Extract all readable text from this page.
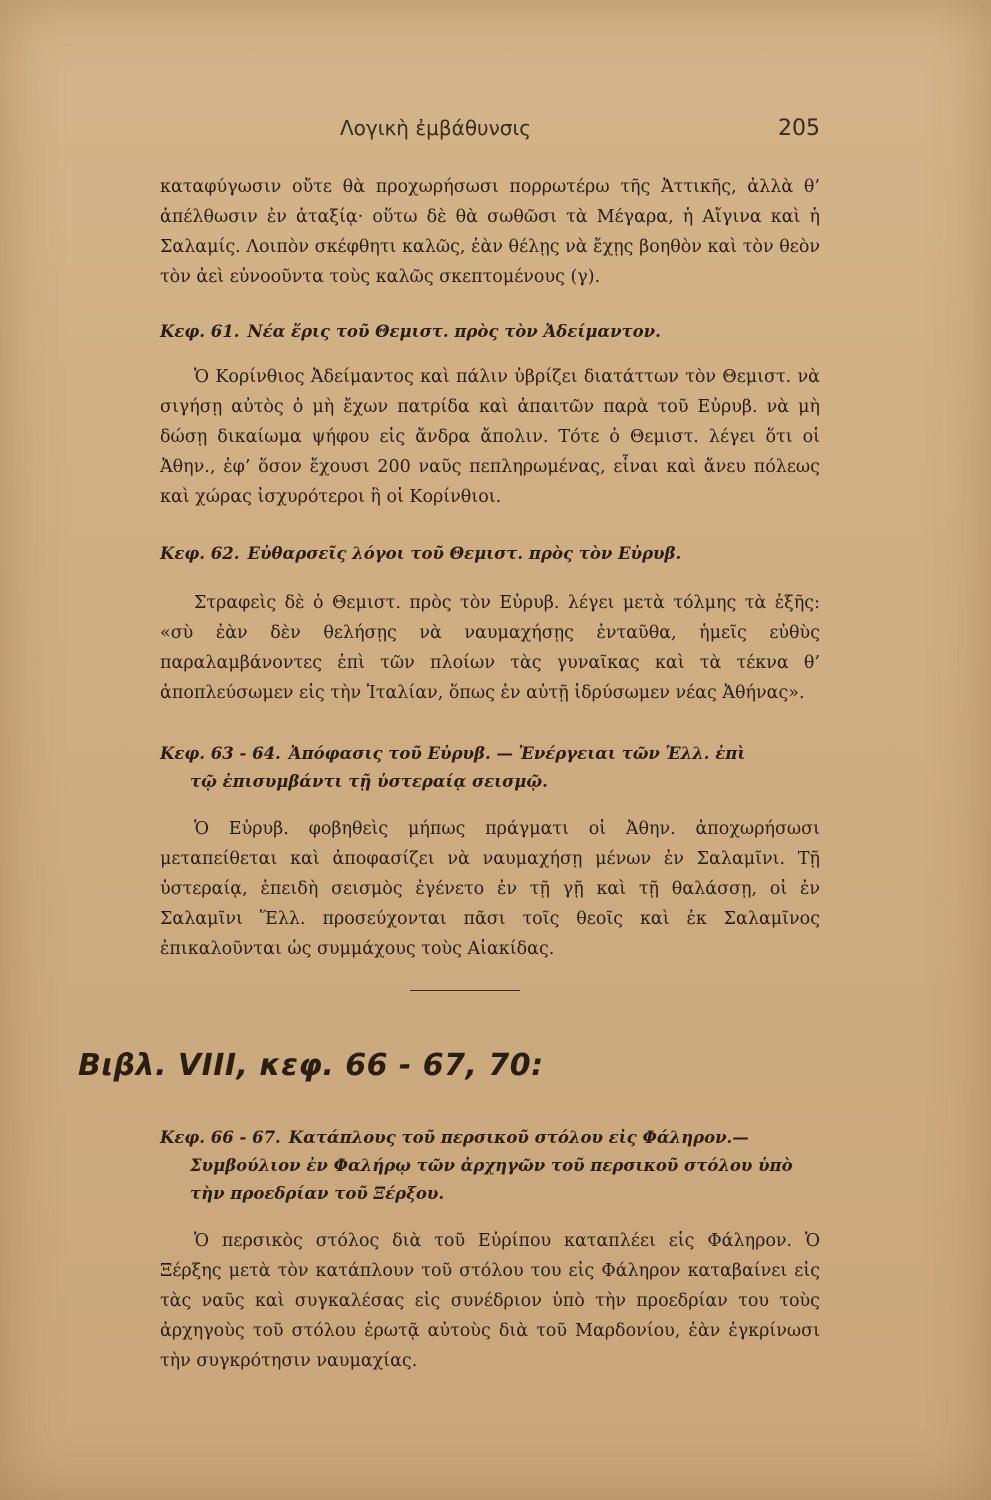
Λογικὴ ἐμβάθυνσις	205

καταφύγωσιν οὔτε θὰ προχωρήσωσι πορρωτέρω τῆς Ἀττικῆς, ἀλλὰ θ’ ἀπέλθωσιν ἐν ἀταξίᾳ· οὕτω δὲ θὰ σωθῶσι τὰ Μέγαρα, ἡ Αἴγινα καὶ ἡ Σαλαμίς. Λοιπὸν σκέφθητι καλῶς, ἐὰν θέλῃς νὰ ἔχῃς βοηθὸν καὶ τὸν θεὸν τὸν ἀεὶ εὐνοοῦντα τοὺς καλῶς σκεπτομένους (γ).

Κεφ. 61. Νέα ἔρις τοῦ Θεμιστ. πρὸς τὸν Ἀδείμαντον.

Ὁ Κορίνθιος Ἀδείμαντος καὶ πάλιν ὑβρίζει διατάττων τὸν Θεμιστ. νὰ σιγήσῃ αὐτὸς ὁ μὴ ἔχων πατρίδα καὶ ἀπαιτῶν παρὰ τοῦ Εὐρυβ. νὰ μὴ δώσῃ δικαίωμα ψήφου εἰς ἄνδρα ἄπολιν. Τότε ὁ Θεμιστ. λέγει ὅτι οἱ Ἀθην., ἐφ’ ὅσον ἔχουσι 200 ναῦς πεπληρωμένας, εἶναι καὶ ἄνευ πόλεως καὶ χώρας ἰσχυρότεροι ἢ οἱ Κορίνθιοι.

Κεφ. 62. Εὐθαρσεῖς λόγοι τοῦ Θεμιστ. πρὸς τὸν Εὐρυβ.

Στραφεὶς δὲ ὁ Θεμιστ. πρὸς τὸν Εὐρυβ. λέγει μετὰ τόλμης τὰ ἑξῆς: «σὺ ἐὰν δὲν θελήσῃς νὰ ναυμαχήσῃς ἐνταῦθα, ἡμεῖς εὐθὺς παραλαμβάνοντες ἐπὶ τῶν πλοίων τὰς γυναῖκας καὶ τὰ τέκνα θ’ ἀποπλεύσωμεν εἰς τὴν Ἰταλίαν, ὅπως ἐν αὐτῇ ἱδρύσωμεν νέας Ἀθήνας».

Κεφ. 63 - 64. Ἀπόφασις τοῦ Εὐρυβ. — Ἐνέργειαι τῶν Ἑλλ. ἐπὶ
τῷ ἐπισυμβάντι τῇ ὑστεραίᾳ σεισμῷ.

Ὁ Εὐρυβ. φοβηθεὶς μήπως πράγματι οἱ Ἀθην. ἀποχωρήσωσι μεταπείθεται καὶ ἀποφασίζει νὰ ναυμαχήσῃ μένων ἐν Σαλαμῖνι. Τῇ ὑστεραίᾳ, ἐπειδὴ σεισμὸς ἐγένετο ἐν τῇ γῇ καὶ τῇ θαλάσσῃ, οἱ ἐν Σαλαμῖνι Ἕλλ. προσεύχονται πᾶσι τοῖς θεοῖς καὶ ἐκ Σαλαμῖνος ἐπικαλοῦνται ὡς συμμάχους τοὺς Αἰακίδας.

Βιβλ. VIII, κεφ. 66 - 67, 70:

Κεφ. 66 - 67. Κατάπλους τοῦ περσικοῦ στόλου εἰς Φάληρον.—
Συμβούλιον ἐν Φαλήρῳ τῶν ἀρχηγῶν τοῦ περσικοῦ στόλου ὑπὸ
τὴν προεδρίαν τοῦ Ξέρξου.

Ὁ περσικὸς στόλος διὰ τοῦ Εὐρίπου καταπλέει εἰς Φάληρον. Ὁ Ξέρξης μετὰ τὸν κατάπλουν τοῦ στόλου του εἰς Φάληρον καταβαίνει εἰς τὰς ναῦς καὶ συγκαλέσας εἰς συνέδριον ὑπὸ τὴν προεδρίαν του τοὺς ἀρχηγοὺς τοῦ στόλου ἐρωτᾷ αὐτοὺς διὰ τοῦ Μαρδονίου, ἐὰν ἐγκρίνωσι τὴν συγκρότησιν ναυμαχίας.
